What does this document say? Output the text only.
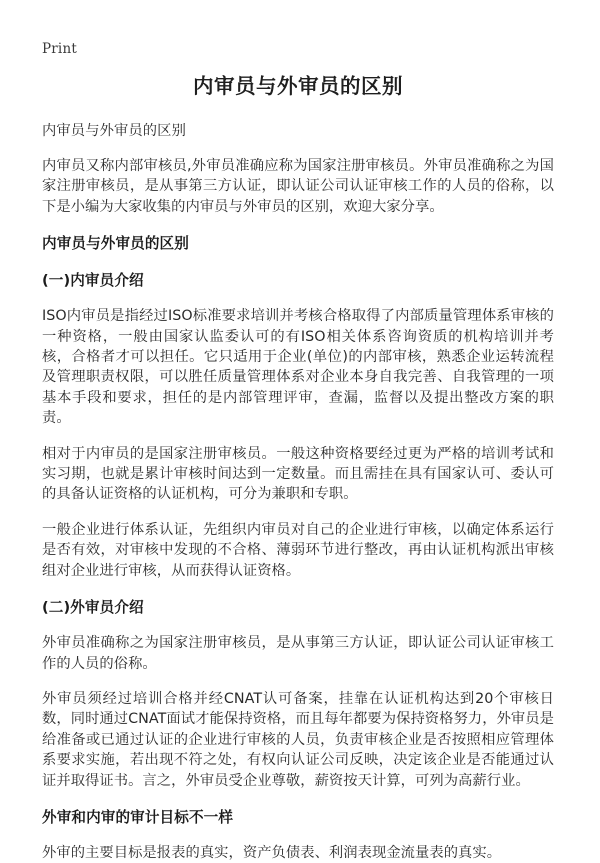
Print
内审员与外审员的区别

内审员与外审员的区别

内审员又称内部审核员,外审员准确应称为国家注册审核员。外审员准确称之为国家注册审核员，是从事第三方认证，即认证公司认证审核工作的人员的俗称，以下是小编为大家收集的内审员与外审员的区别，欢迎大家分享。

内审员与外审员的区别
(一)内审员介绍

ISO内审员是指经过ISO标准要求培训并考核合格取得了内部质量管理体系审核的一种资格，一般由国家认监委认可的有ISO相关体系咨询资质的机构培训并考核，合格者才可以担任。它只适用于企业(单位)的内部审核，熟悉企业运转流程及管理职责权限，可以胜任质量管理体系对企业本身自我完善、自我管理的一项基本手段和要求，担任的是内部管理评审，查漏，监督以及提出整改方案的职责。

相对于内审员的是国家注册审核员。一般这种资格要经过更为严格的培训考试和实习期，也就是累计审核时间达到一定数量。而且需挂在具有国家认可、委认可的具备认证资格的认证机构，可分为兼职和专职。

一般企业进行体系认证，先组织内审员对自己的企业进行审核，以确定体系运行是否有效，对审核中发现的不合格、薄弱环节进行整改，再由认证机构派出审核组对企业进行审核，从而获得认证资格。

(二)外审员介绍

外审员准确称之为国家注册审核员，是从事第三方认证，即认证公司认证审核工作的人员的俗称。

外审员须经过培训合格并经CNAT认可备案，挂靠在认证机构达到20个审核日数，同时通过CNAT面试才能保持资格，而且每年都要为保持资格努力，外审员是给准备或已通过认证的企业进行审核的人员，负责审核企业是否按照相应管理体系要求实施，若出现不符之处，有权向认证公司反映，决定该企业是否能通过认证并取得证书。言之，外审员受企业尊敬，薪资按天计算，可列为高薪行业。

外审和内审的审计目标不一样

外审的主要目标是报表的真实，资产负债表、利润表现金流量表的真实。
